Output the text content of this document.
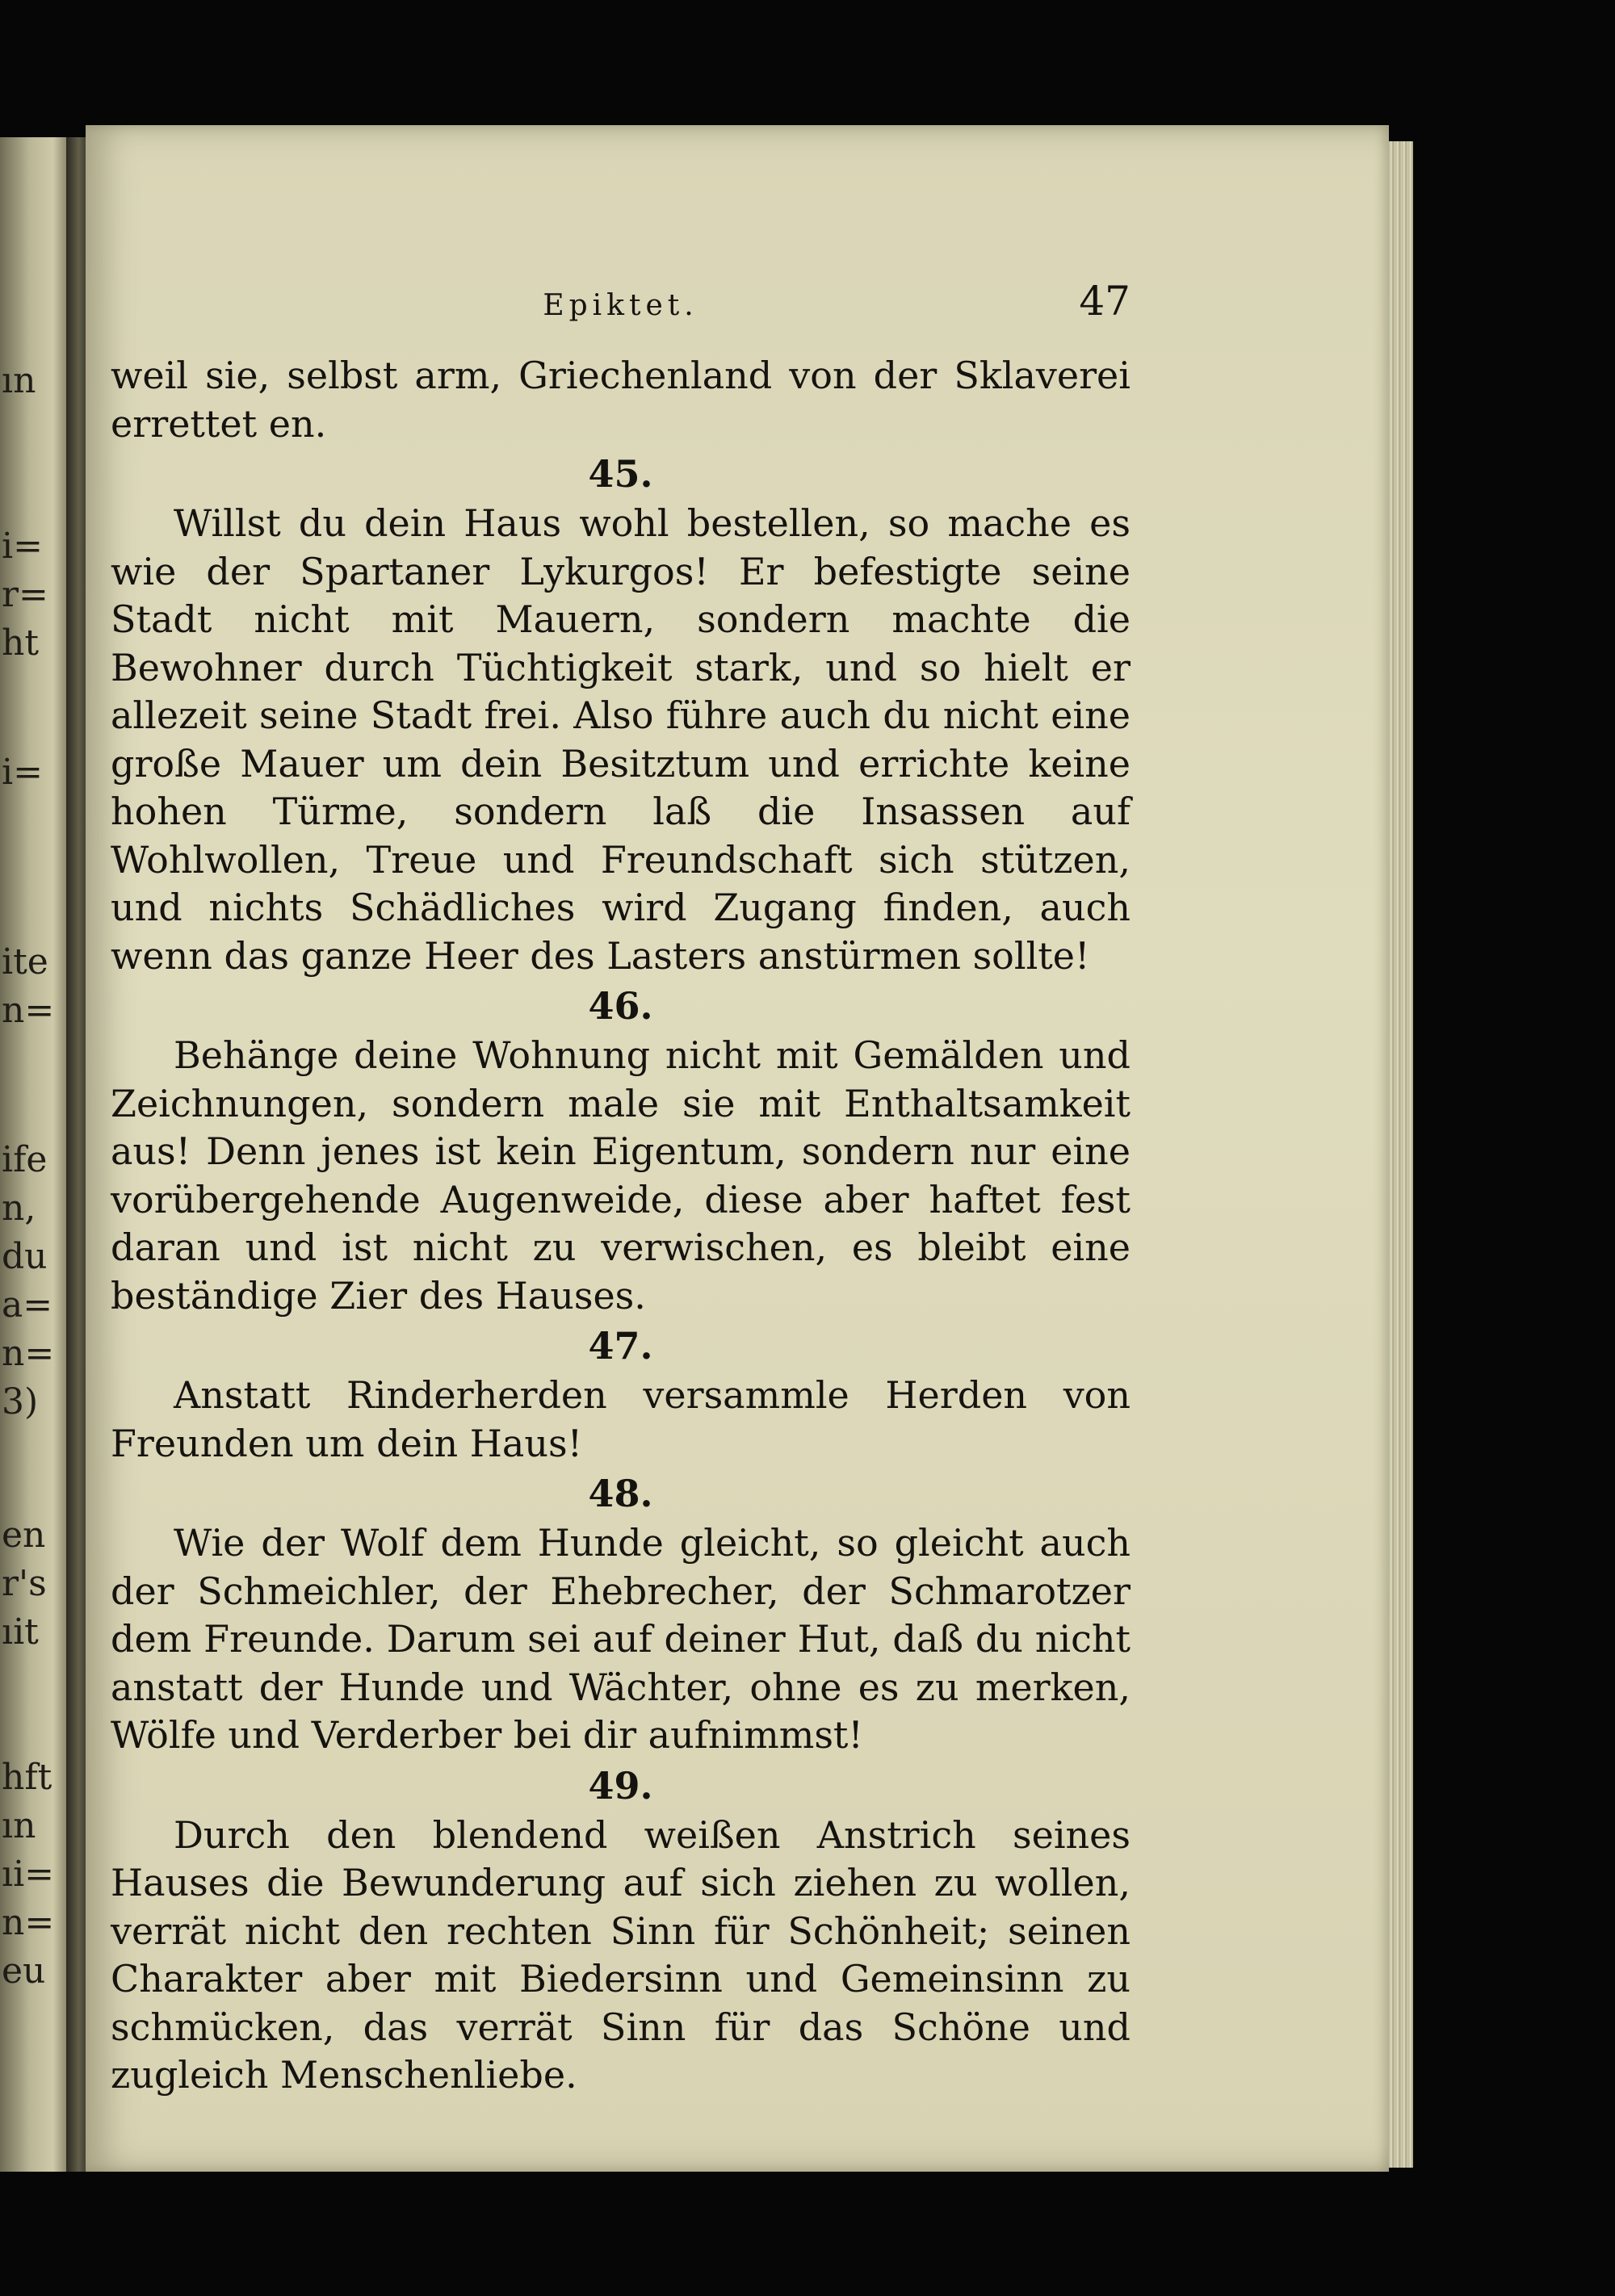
ın
i=
r=
ht
i=
ite
n=
ife
n,
du
a=
n=
3)
en
r's
ıit
hft
ın
ıi=
n=
eu
Epiktet.	47

weil sie, selbst arm, Griechenland von der Sklaverei errettet en.

45.

Willst du dein Haus wohl bestellen, so mache es wie der Spartaner Lykurgos! Er befestigte seine Stadt nicht mit Mauern, sondern machte die Bewohner durch Tüchtigkeit stark, und so hielt er allezeit seine Stadt frei. Also führe auch du nicht eine große Mauer um dein Besitztum und errichte keine hohen Türme, sondern laß die Insassen auf Wohlwollen, Treue und Freundschaft sich stützen, und nichts Schädliches wird Zugang finden, auch wenn das ganze Heer des Lasters anstürmen sollte!

46.

Behänge deine Wohnung nicht mit Gemälden und Zeichnungen, sondern male sie mit Enthaltsamkeit aus! Denn jenes ist kein Eigentum, sondern nur eine vorübergehende Augenweide, diese aber haftet fest daran und ist nicht zu verwischen, es bleibt eine beständige Zier des Hauses.

47.

Anstatt Rinderherden versammle Herden von Freunden um dein Haus!

48.

Wie der Wolf dem Hunde gleicht, so gleicht auch der Schmeichler, der Ehebrecher, der Schmarotzer dem Freunde. Darum sei auf deiner Hut, daß du nicht anstatt der Hunde und Wächter, ohne es zu merken, Wölfe und Verderber bei dir aufnimmst!

49.

Durch den blendend weißen Anstrich seines Hauses die Bewunderung auf sich ziehen zu wollen, verrät nicht den rechten Sinn für Schönheit; seinen Charakter aber mit Biedersinn und Gemeinsinn zu schmücken, das verrät Sinn für das Schöne und zugleich Menschenliebe.
